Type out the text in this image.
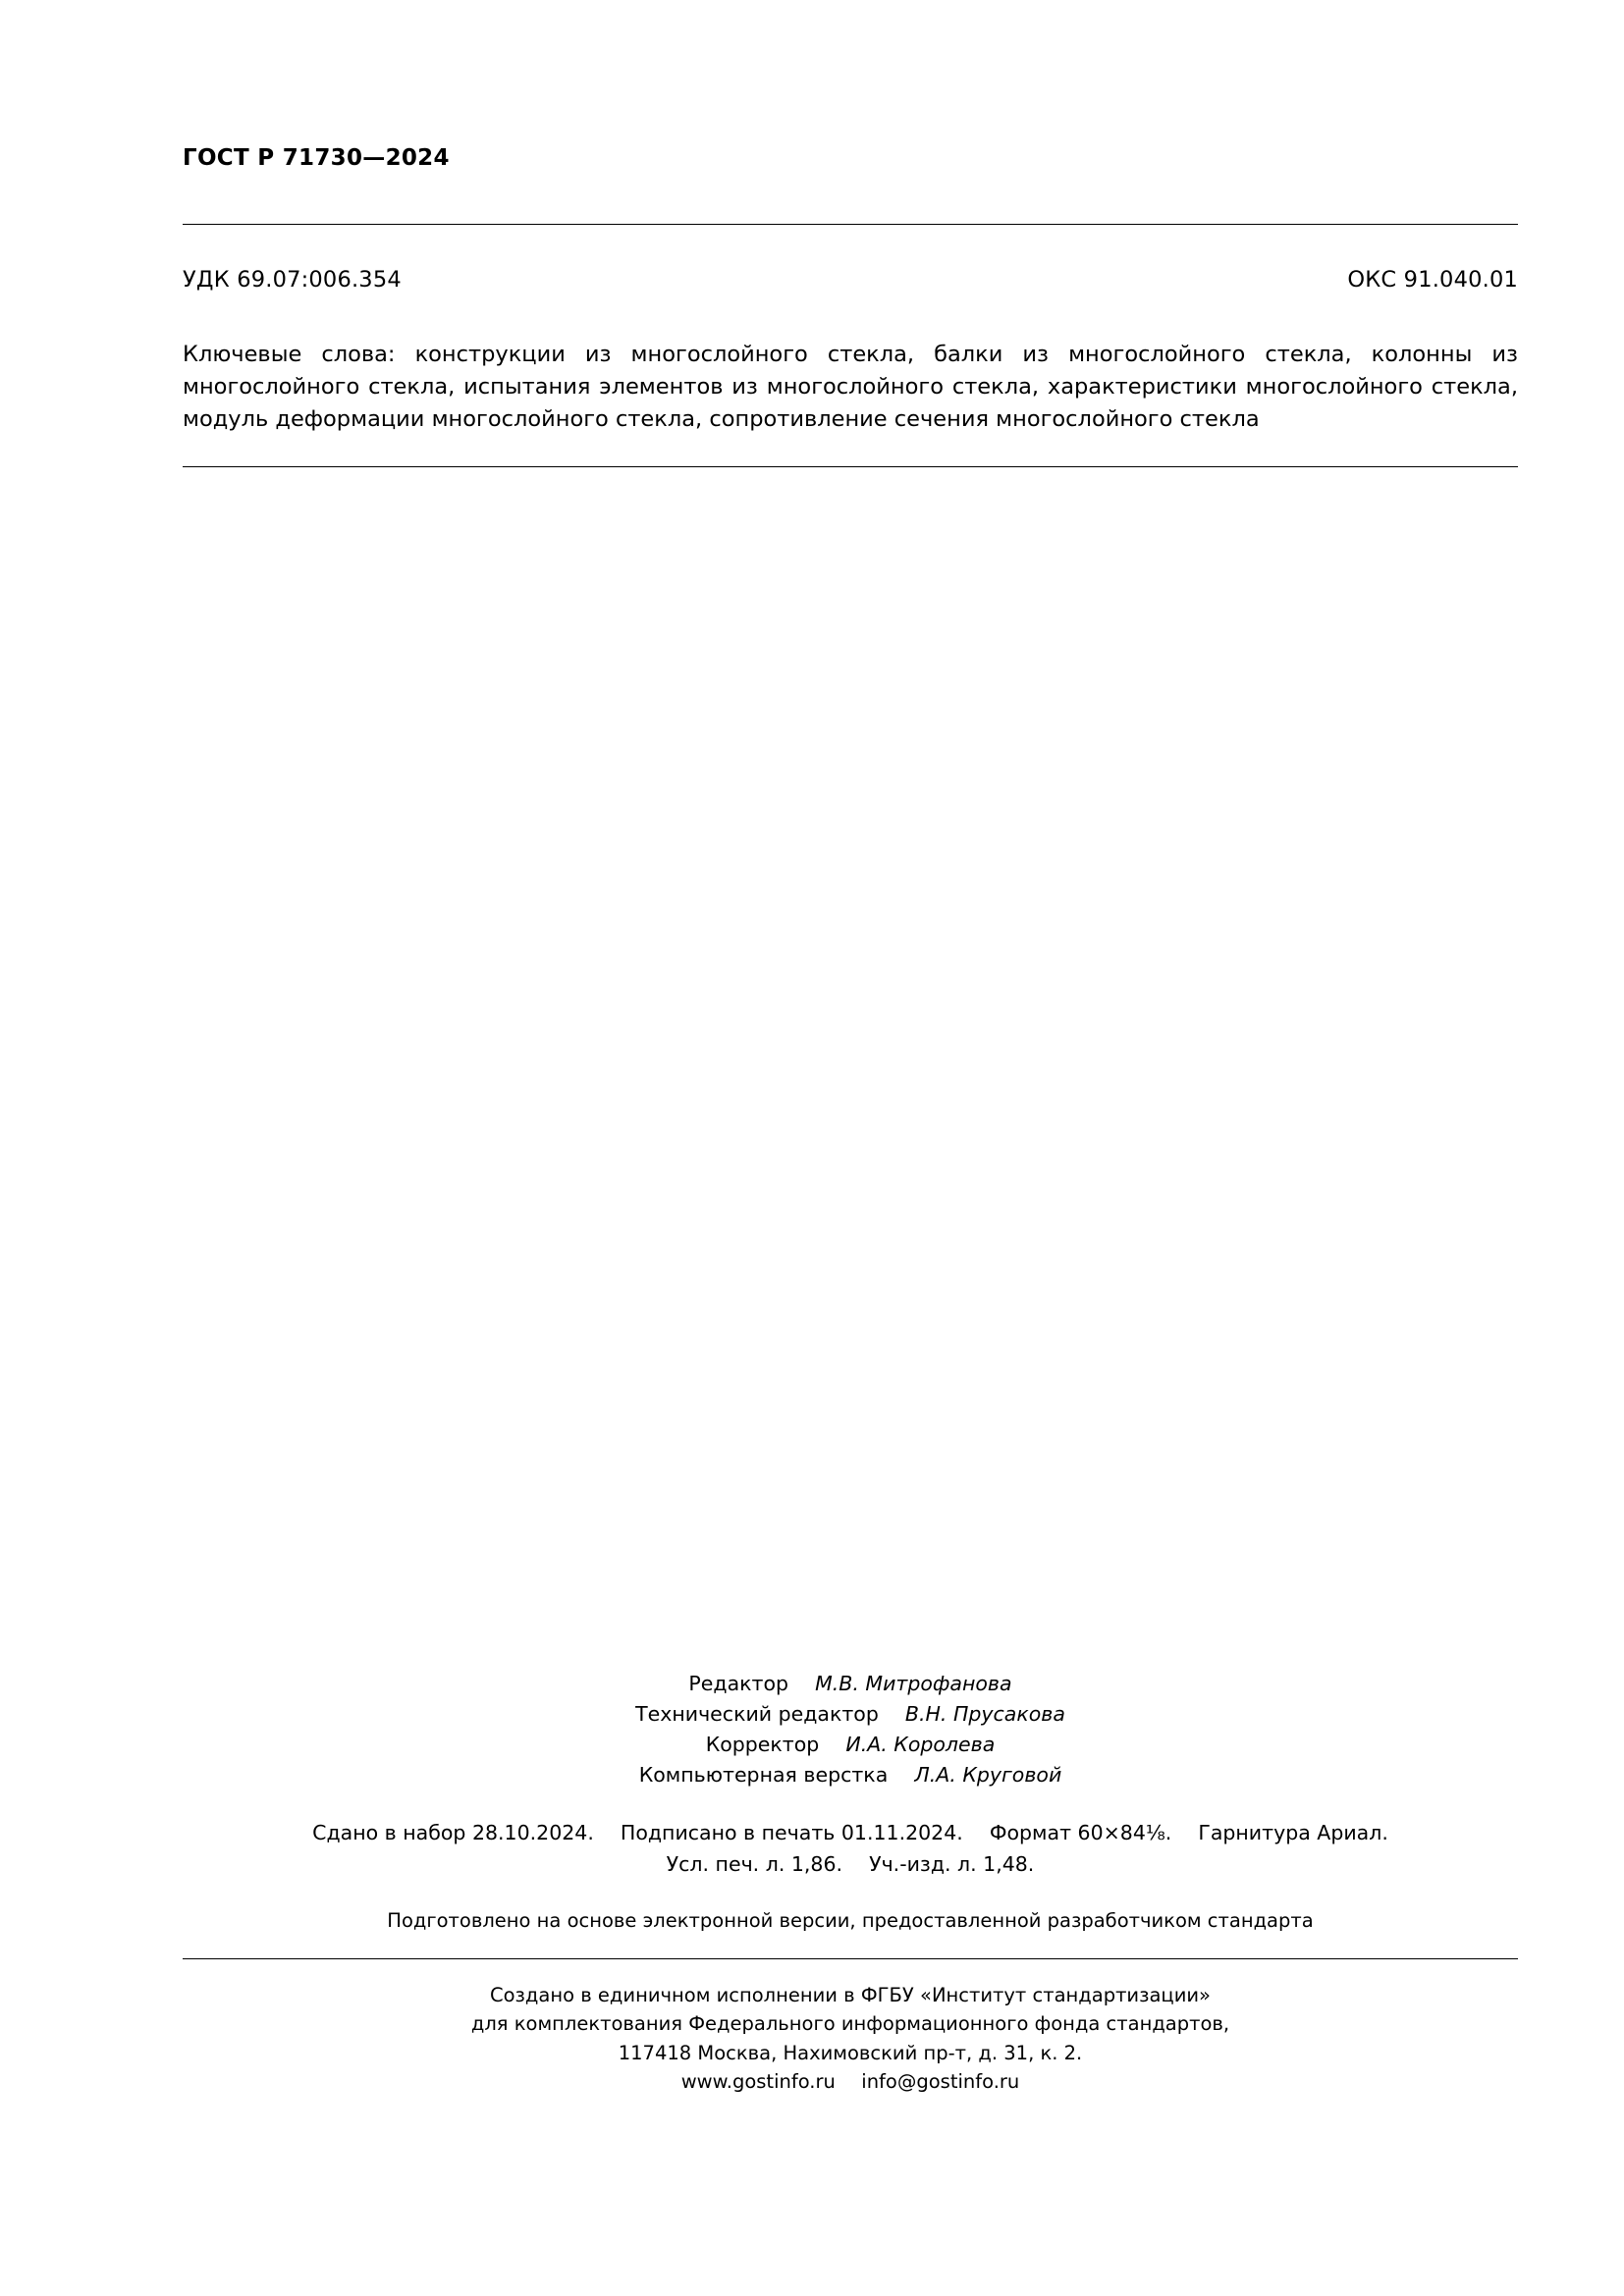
ГОСТ Р 71730—2024
УДК 69.07:006.354	ОКС 91.040.01
Ключевые слова: конструкции из многослойного стекла, балки из многослойного стекла, колонны из многослойного стекла, испытания элементов из многослойного стекла, характеристики многослойного стекла, модуль деформации многослойного стекла, сопротивление сечения многослойного стекла
Редактор М.В. Митрофанова
Технический редактор В.Н. Прусакова
Корректор И.А. Королева
Компьютерная верстка Л.А. Круговой
Сдано в набор 28.10.2024. Подписано в печать 01.11.2024. Формат 60×84⅛. Гарнитура Ариал.
Усл. печ. л. 1,86. Уч.-изд. л. 1,48.
Подготовлено на основе электронной версии, предоставленной разработчиком стандарта
Создано в единичном исполнении в ФГБУ «Институт стандартизации»
для комплектования Федерального информационного фонда стандартов,
117418 Москва, Нахимовский пр-т, д. 31, к. 2.
www.gostinfo.ru info@gostinfo.ru
